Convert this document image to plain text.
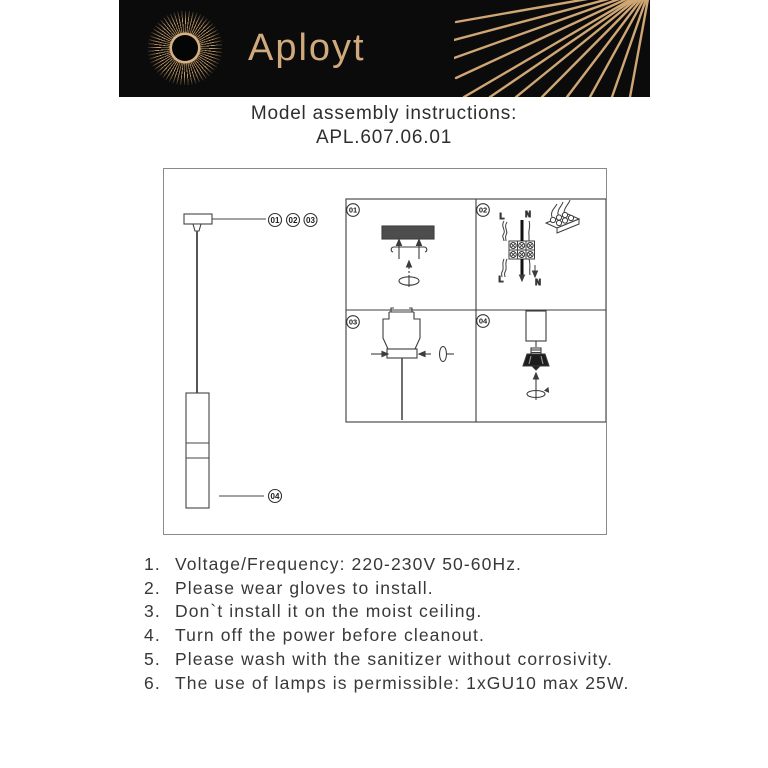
Aployt
Model assembly instructions:
APL.607.06.01
01 02 03
04
01	02
03	04
L	N
L	N
1. Voltage/Frequency: 220-230V 50-60Hz.
2. Please wear gloves to install.
3. Don`t install it on the moist ceiling.
4. Turn off the power before cleanout.
5. Please wash with the sanitizer without corrosivity.
6. The use of lamps is permissible: 1xGU10 max 25W.
